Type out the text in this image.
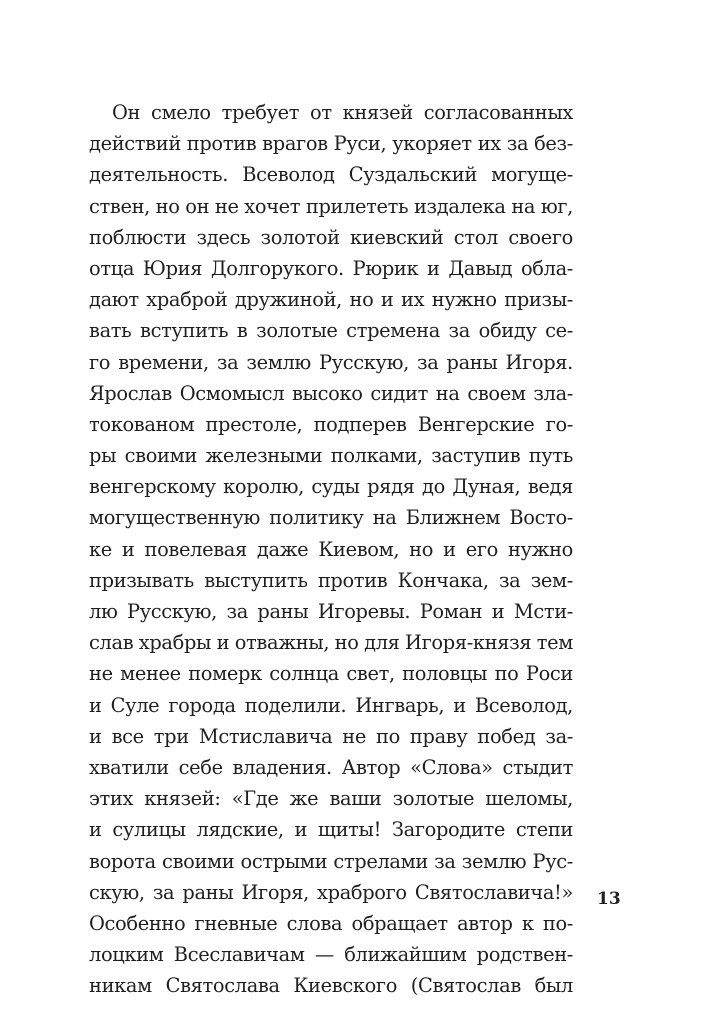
Он смело требует от князей согласованных
действий против врагов Руси, укоряет их за без-
деятельность. Всеволод Суздальский могущe-
ствен, но он не хочет прилететь издалека на юг,
поблюсти здесь золотой киевский стол своего
отца Юрия Долгорукого. Рюрик и Давыд обла-
дают храброй дружиной, но и их нужно призы-
вать вступить в золотые стремена за обиду се-
го времени, за землю Русскую, за раны Игоря.
Ярослав Осмомысл высоко сидит на своем зла-
токованом престоле, подперев Венгерские го-
ры своими железными полками, заступив путь
венгерскому королю, суды рядя до Дуная, ведя
могущественную политику на Ближнем Восто-
ке и повелевая даже Киевом, но и его нужно
призывать выступить против Кончака, за зем-
лю Русскую, за раны Игоревы. Роман и Мсти-
слав храбры и отважны, но для Игоря-князя тем
не менее померк солнца свет, половцы по Роси
и Суле города поделили. Ингварь, и Всеволод,
и все три Мстиславича не по праву побед за-
хватили себе владения. Автор «Слова» стыдит
этих князей: «Где же ваши золотые шеломы,
и сулицы лядские, и щиты! Загородите степи
ворота своими острыми стрелами за землю Рус-
скую, за раны Игоря, храброго Святославича!»
Особенно гневные слова обращает автор к по-
лоцким Всеславичам — ближайшим родствен-
никам Святослава Киевского (Святослав был
13
